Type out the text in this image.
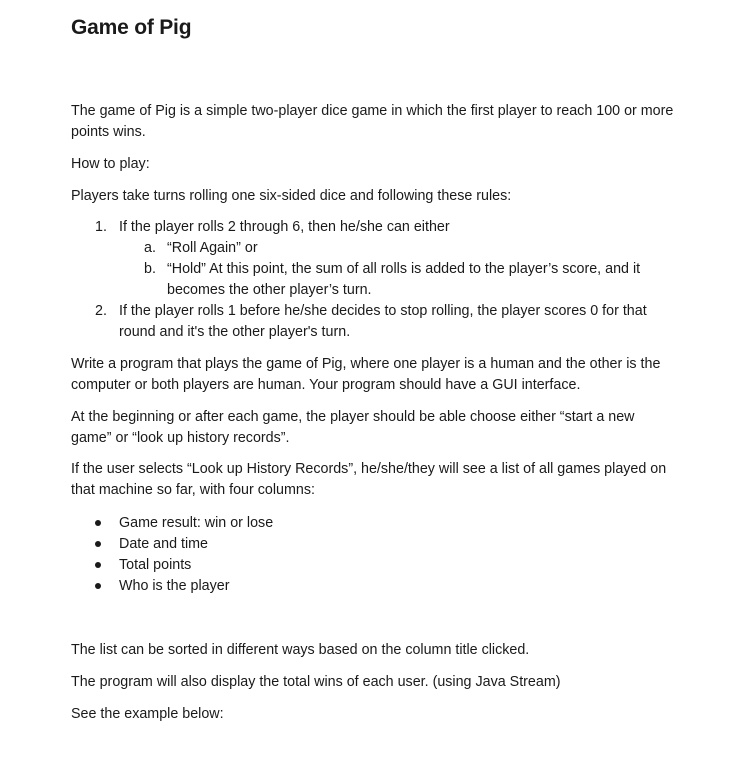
Game of Pig
The game of Pig is a simple two-player dice game in which the first player to reach 100 or more
points wins.
How to play:
Players take turns rolling one six-sided dice and following these rules:
1. If the player rolls 2 through 6, then he/she can either
a. “Roll Again” or
b. “Hold” At this point, the sum of all rolls is added to the player’s score, and it
becomes the other player’s turn.
2. If the player rolls 1 before he/she decides to stop rolling, the player scores 0 for that
round and it's the other player's turn.
Write a program that plays the game of Pig, where one player is a human and the other is the
computer or both players are human. Your program should have a GUI interface.
At the beginning or after each game, the player should be able choose either “start a new
game” or “look up history records”.
If the user selects “Look up History Records”, he/she/they will see a list of all games played on
that machine so far, with four columns:
Game result: win or lose
Date and time
Total points
Who is the player
The list can be sorted in different ways based on the column title clicked.
The program will also display the total wins of each user. (using Java Stream)
See the example below:
